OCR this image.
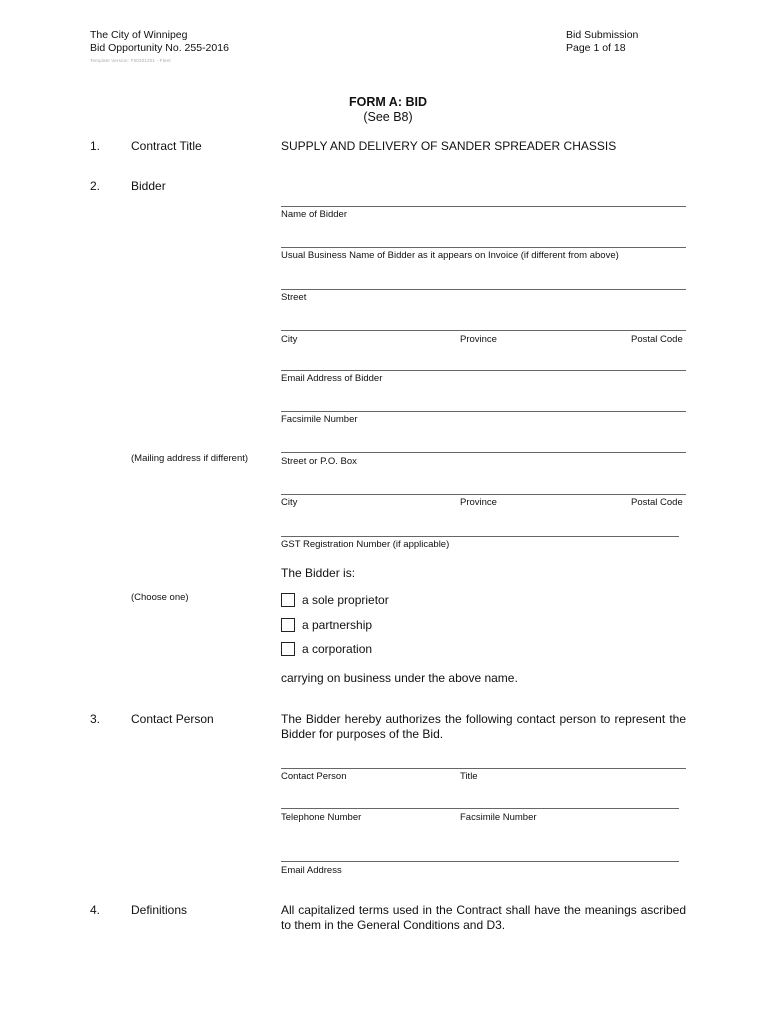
The City of Winnipeg
Bid Opportunity No. 255-2016
Template Version: F00201201 - Fleet
Bid Submission
Page 1 of 18
FORM A: BID
(See B8)
1.	Contract Title	SUPPLY AND DELIVERY OF SANDER SPREADER CHASSIS
2.	Bidder
Name of Bidder
Usual Business Name of Bidder as it appears on Invoice (if different from above)
Street
City	Province	Postal Code
Email Address of Bidder
Facsimile Number
(Mailing address if different)	Street or P.O. Box
City	Province	Postal Code
GST Registration Number (if applicable)
The Bidder is:
(Choose one)	a sole proprietor
a partnership
a corporation
carrying on business under the above name.
3.	Contact Person	The Bidder hereby authorizes the following contact person to represent the Bidder for purposes of the Bid.
Contact Person	Title
Telephone Number	Facsimile Number
Email Address
4.	Definitions	All capitalized terms used in the Contract shall have the meanings ascribed to them in the General Conditions and D3.
